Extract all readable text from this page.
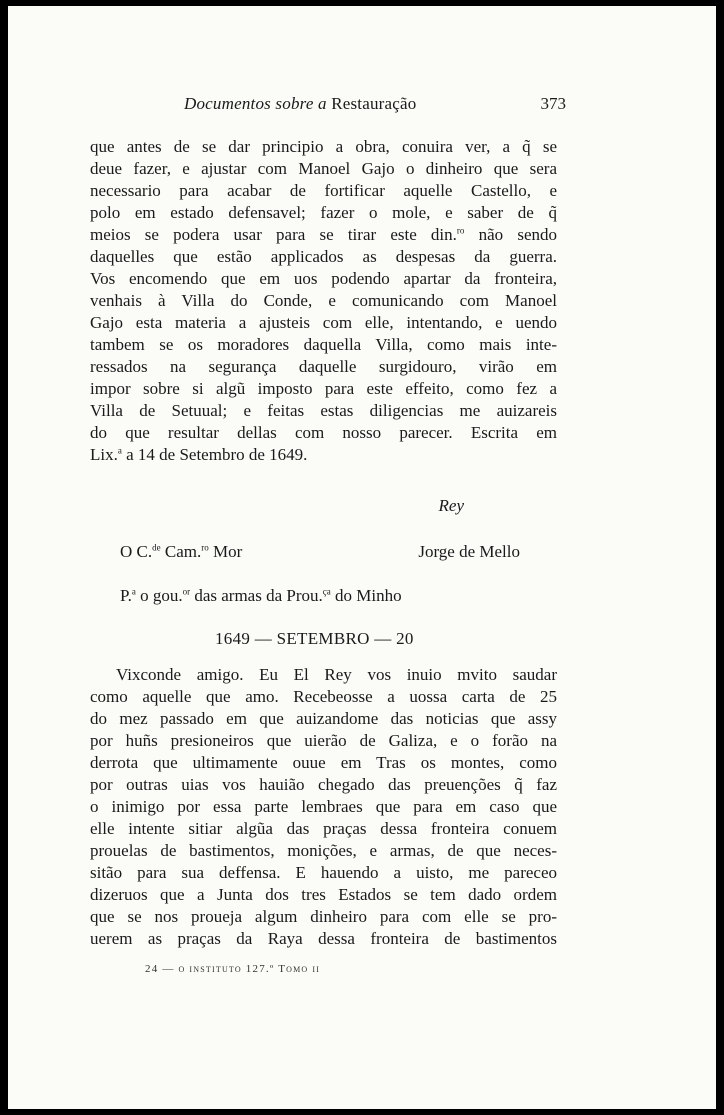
Documentos sobre a Restauração	373
que antes de se dar principio a obra, conuira ver, a q̃ se
deue fazer, e ajustar com Manoel Gajo o dinheiro que sera
necessario para acabar de fortificar aquelle Castello, e
polo em estado defensavel; fazer o mole, e saber de q̃
meios se podera usar para se tirar este din.$^{ro}$ não sendo
daquelles que estão applicados as despesas da guerra.
Vos encomendo que em uos podendo apartar da fronteira,
venhais à Villa do Conde, e comunicando com Manoel
Gajo esta materia a ajusteis com elle, intentando, e uendo
tambem se os moradores daquella Villa, como mais inte-
ressados na segurança daquelle surgidouro, virão em
impor sobre si algũ imposto para este effeito, como fez a
Villa de Setuual; e feitas estas diligencias me auizareis
do que resultar dellas com nosso parecer. Escrita em
Lix.$^a$ a 14 de Setembro de 1649.
Rey
O C.$^{de}$ Cam.$^{ro}$ Mor	Jorge de Mello
P.$^a$ o gou.$^{or}$ das armas da Prou.$^{ça}$ do Minho
1649 — SETEMBRO — 20
Vixconde amigo. Eu El Rey vos inuio mvito saudar
como aquelle que amo. Recebeosse a uossa carta de 25
do mez passado em que auizandome das noticias que assy
por huñs presioneiros que uierão de Galiza, e o forão na
derrota que ultimamente ouue em Tras os montes, como
por outras uias vos hauião chegado das preuenções q̃ faz
o inimigo por essa parte lembraes que para em caso que
elle intente sitiar algũa das praças dessa fronteira conuem
prouelas de bastimentos, monições, e armas, de que neces-
sitão para sua deffensa. E hauendo a uisto, me pareceo
dizeruos que a Junta dos tres Estados se tem dado ordem
que se nos proueja algum dinheiro para com elle se pro-
uerem as praças da Raya dessa fronteira de bastimentos
24 — o instituto 127.º Tomo ii
